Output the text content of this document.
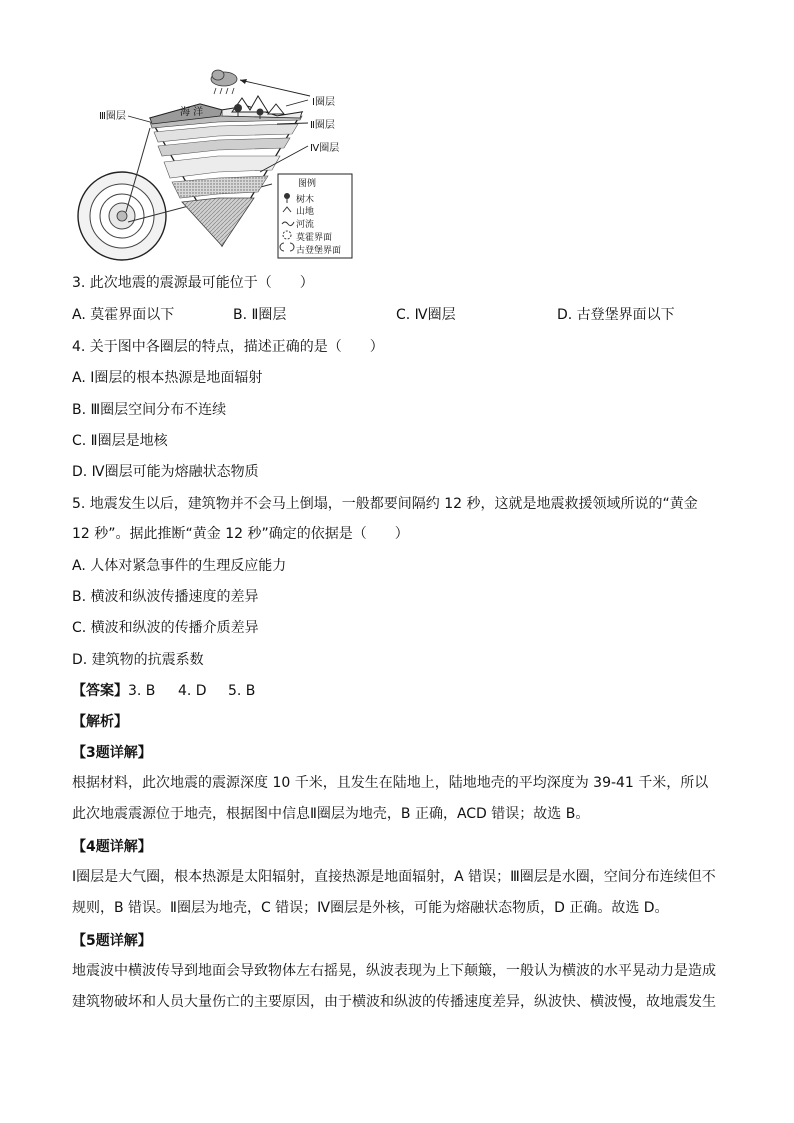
海 洋
Ⅰ圈层
Ⅱ圈层
Ⅲ圈层
Ⅳ圈层
图例
树木
山地
河流
莫霍界面
古登堡界面
3. 此次地震的震源最可能位于（　　）
A. 莫霍界面以下	B. Ⅱ圈层	C. Ⅳ圈层	D. 古登堡界面以下
4. 关于图中各圈层的特点，描述正确的是（　　）
A. Ⅰ圈层的根本热源是地面辐射
B. Ⅲ圈层空间分布不连续
C. Ⅱ圈层是地核
D. Ⅳ圈层可能为熔融状态物质
5. 地震发生以后，建筑物并不会马上倒塌，一般都要间隔约 12 秒，这就是地震救援领域所说的“黄金
12 秒”。据此推断“黄金 12 秒”确定的依据是（　　）
A. 人体对紧急事件的生理反应能力
B. 横波和纵波传播速度的差异
C. 横波和纵波的传播介质差异
D. 建筑物的抗震系数
【答案】 3. B 4. D 5. B
【解析】
【3题详解】
根据材料，此次地震的震源深度 10 千米，且发生在陆地上，陆地地壳的平均深度为 39-41 千米，所以此次地震震源位于地壳，根据图中信息Ⅱ圈层为地壳，B 正确，ACD 错误；故选 B。
【4题详解】
Ⅰ圈层是大气圈，根本热源是太阳辐射，直接热源是地面辐射，A 错误；Ⅲ圈层是水圈，空间分布连续但不规则，B 错误。Ⅱ圈层为地壳，C 错误；Ⅳ圈层是外核，可能为熔融状态物质，D 正确。故选 D。
【5题详解】
地震波中横波传导到地面会导致物体左右摇晃，纵波表现为上下颠簸，一般认为横波的水平晃动力是造成建筑物破坏和人员大量伤亡的主要原因，由于横波和纵波的传播速度差异，纵波快、横波慢，故地震发生
